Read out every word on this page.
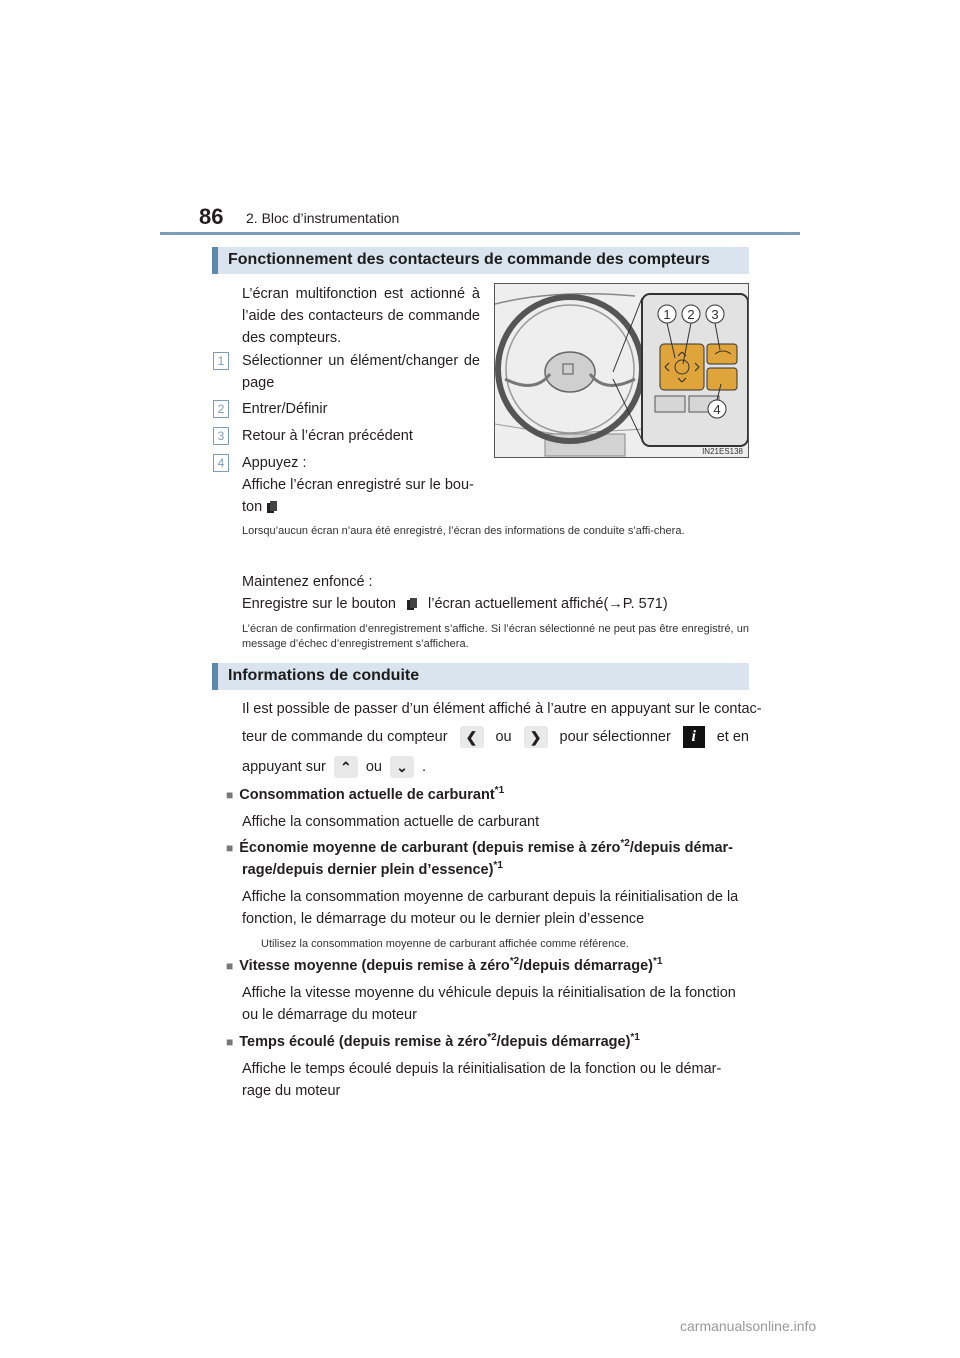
86 2. Bloc d’instrumentation
Fonctionnement des contacteurs de commande des compteurs
L’écran multifonction est actionné à l’aide des contacteurs de commande des compteurs.
1	Sélectionner un élément/changer de page
2	Entrer/Définir
3	Retour à l’écran précédent
4	Appuyez :
Affiche l’écran enregistré sur le bou-
ton
Lorsqu’aucun écran n’aura été enregistré, l’écran des informations de conduite s’affi-chera.
Maintenez enfoncé :
Enregistre sur le bouton l’écran actuellement affiché(→P. 571)
L’écran de confirmation d’enregistrement s’affiche. Si l’écran sélectionné ne peut pas être enregistré, un message d’échec d’enregistrement s’affichera.
1 2 3
4
IN21ES138
Informations de conduite
Il est possible de passer d’un élément affiché à l’autre en appuyant sur le contac-
teur de commande du compteur	❮	ou	❯	pour sélectionner	i	et en
appuyant sur	⌃ ou	⌄ .
■ Consommation actuelle de carburant$^{*1}$
Affiche la consommation actuelle de carburant
■ Économie moyenne de carburant (depuis remise à zéro$^{*2}$/depuis démar-
rage/depuis dernier plein d’essence)$^{*1}$
Affiche la consommation moyenne de carburant depuis la réinitialisation de la
fonction, le démarrage du moteur ou le dernier plein d’essence
Utilisez la consommation moyenne de carburant affichée comme référence.
■ Vitesse moyenne (depuis remise à zéro$^{*2}$/depuis démarrage)$^{*1}$
Affiche la vitesse moyenne du véhicule depuis la réinitialisation de la fonction
ou le démarrage du moteur
■ Temps écoulé (depuis remise à zéro$^{*2}$/depuis démarrage)$^{*1}$
Affiche le temps écoulé depuis la réinitialisation de la fonction ou le démar-
rage du moteur
carmanualsonline.info
